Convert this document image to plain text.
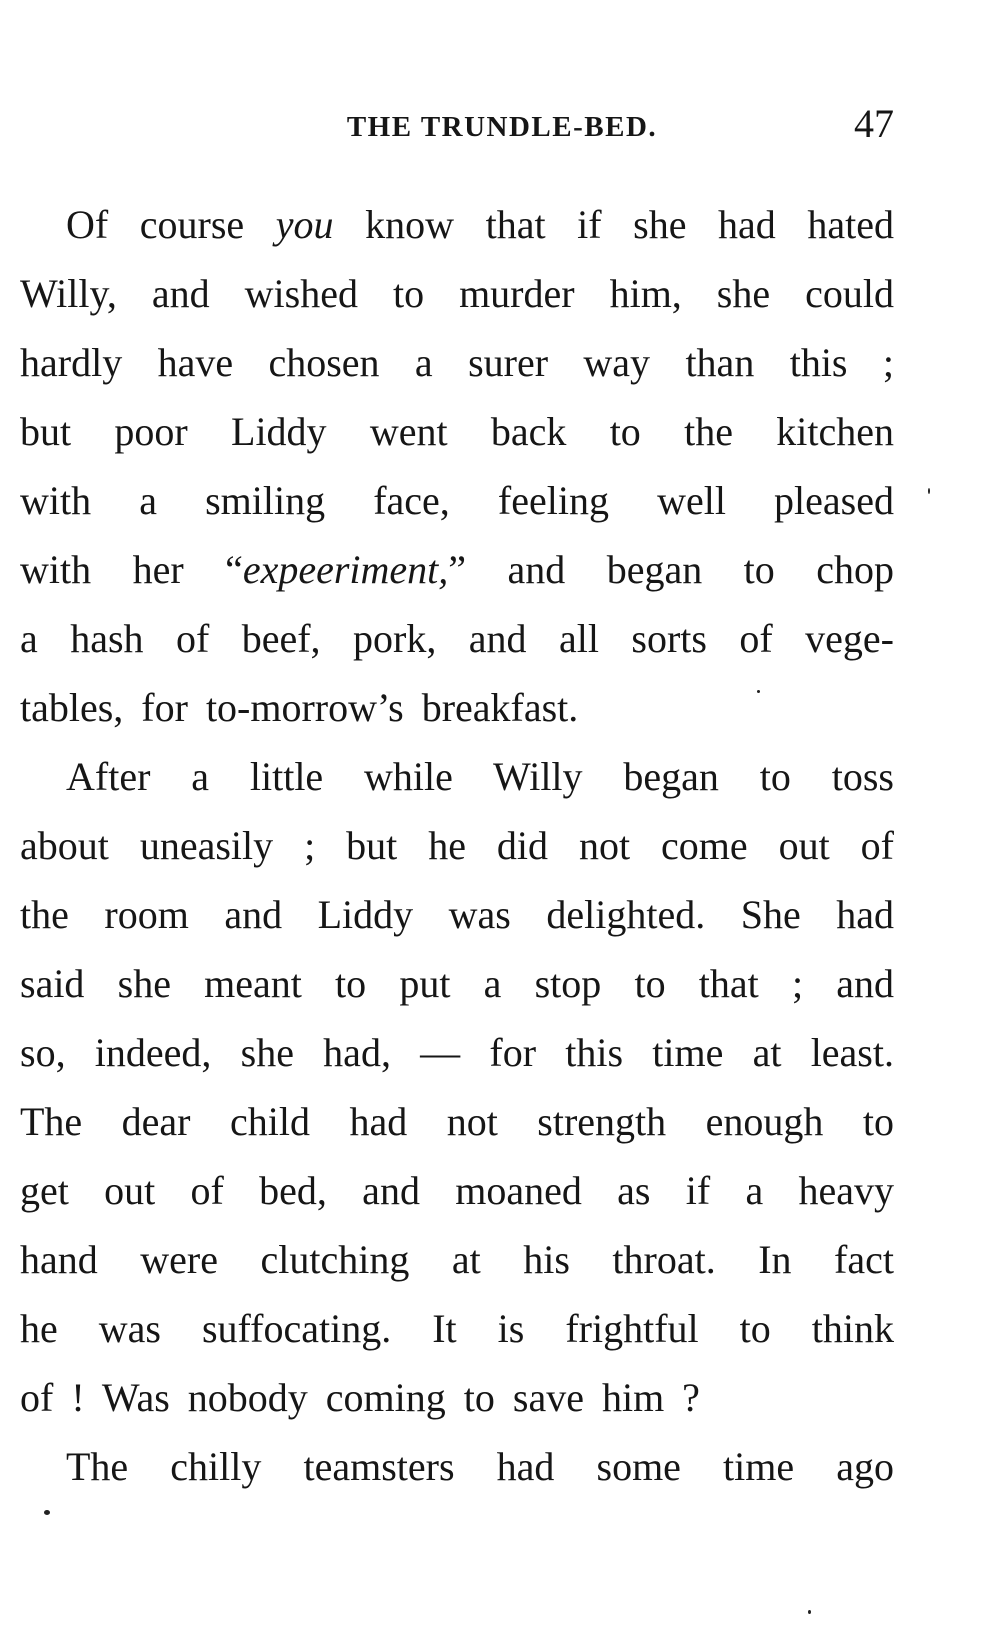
THE TRUNDLE-BED.	47
Of course you know that if she had hated
Willy, and wished to murder him, she could
hardly have chosen a surer way than this ;
but poor Liddy went back to the kitchen
with a smiling face, feeling well pleased
with her “expeeriment,” and began to chop
a hash of beef, pork, and all sorts of vege-
tables, for to-morrow’s breakfast.
After a little while Willy began to toss
about uneasily ; but he did not come out of
the room and Liddy was delighted. She had
said she meant to put a stop to that ; and
so, indeed, she had, — for this time at least.
The dear child had not strength enough to
get out of bed, and moaned as if a heavy
hand were clutching at his throat. In fact
he was suffocating. It is frightful to think
of ! Was nobody coming to save him ?
The chilly teamsters had some time ago
